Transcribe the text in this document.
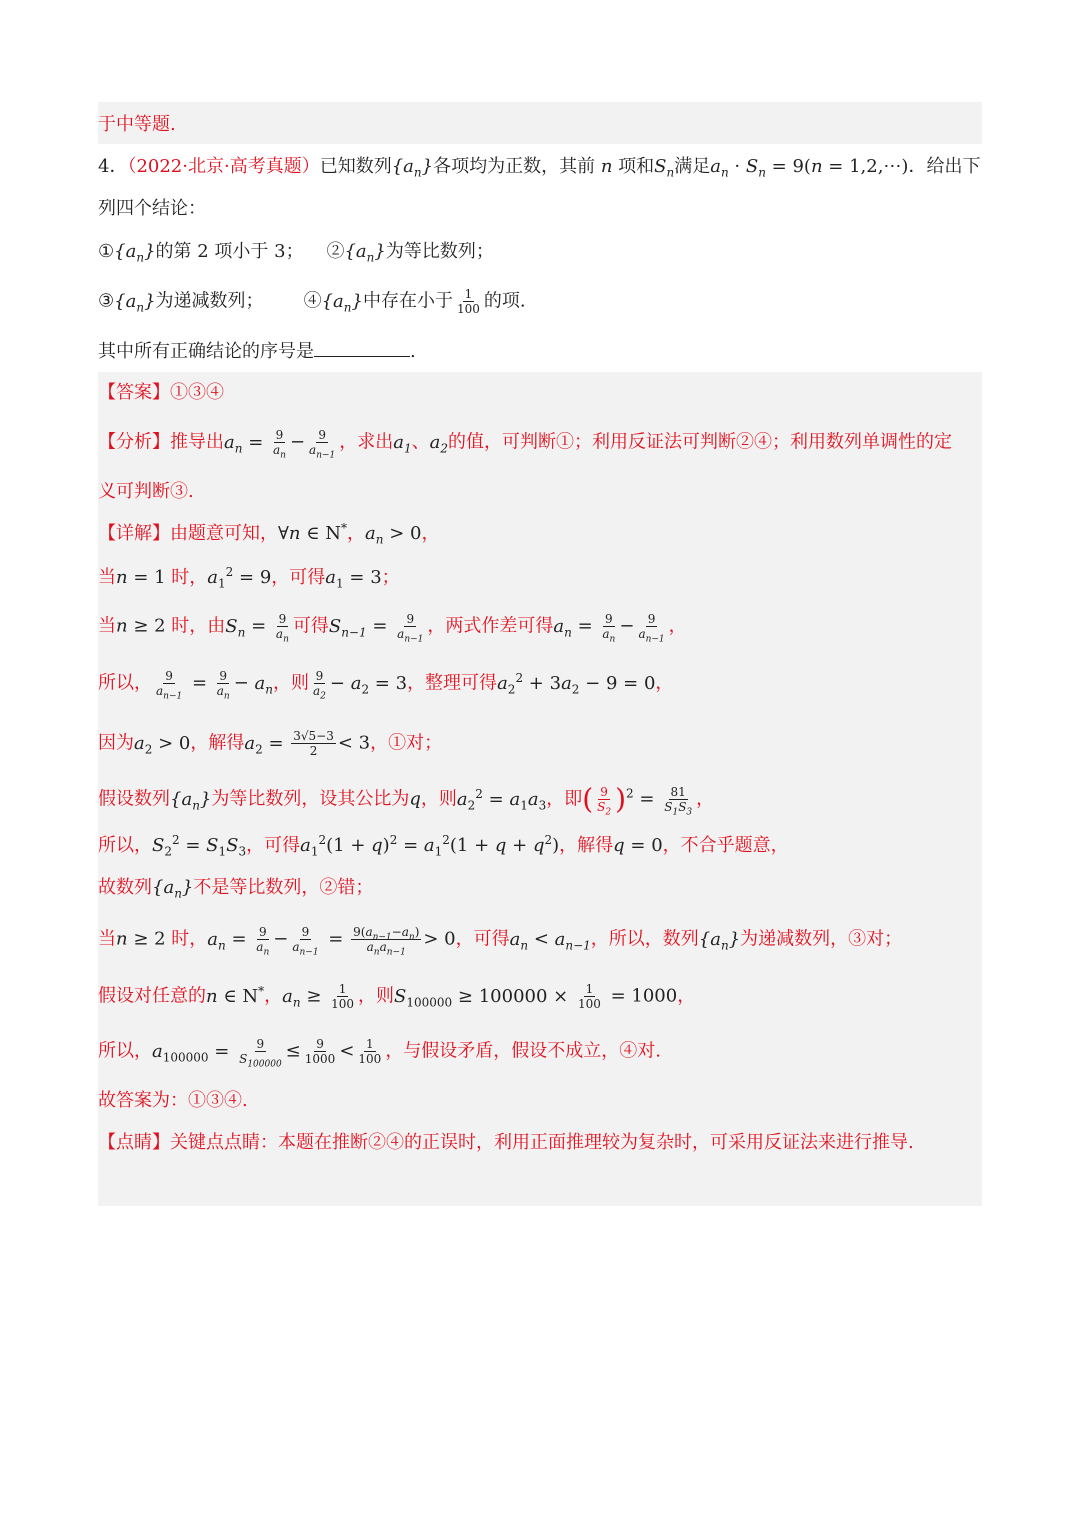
于中等题.
4．（2022·北京·高考真题）已知数列$\{a_n\}$各项均为正数，其前 n 项和$S_n$满足$a_n \cdot S_n = 9(n$ = 1,2,⋯)．给出下
列四个结论：
$①\{a_n\}$的第 2 项小于 3； $②\{a_n\}$为等比数列；
$③\{a_n\}$为递减数列； $④\{a_n\}$中存在小于 $\frac{1}{100}$ 的项.
其中所有正确结论的序号是	.
【答案】①③④
【分析】推导出$a_n = \frac{9}{a_n} - \frac{9}{a_{n-1}}$ ，求出$a_1$、$a_2$的值，可判断①；利用反证法可判断②④；利用数列单调性的定
义可判断③.
【详解】由题意可知，∀n ∈ N*，$a_n > 0$，
当n = 1 时，$a_1^2 = 9$，可得$a_1 = 3$；
当n ≥ 2 时，由$S_n = \frac{9}{a_n}$ 可得$S_{n-1} = \frac{9}{a_{n-1}}$ ，两式作差可得$a_n = \frac{9}{a_n} - \frac{9}{a_{n-1}}$ ，
所以， $\frac{9}{a_{n-1}} = \frac{9}{a_n} - a_n$，则 $\frac{9}{a_2} - a_2 = 3$，整理可得$a_2^2 + 3a_2 - 9 = 0$，
因为$a_2 > 0$，解得$a_2 = \frac{3√5-3}{2} < 3$，①对；
假设数列$\{a_n\}$为等比数列，设其公比为q，则$a_2^2 = a_1a_3$，即( $\frac{9}{S_2} )^2 = \frac{81}{S_1S_3}$ ，
所以，$S_2^2 = S_1S_3$，可得$a_1^2(1 + q)^2 = a_1^2(1 + q + q^2)$，解得q = 0，不合乎题意，
故数列$\{a_n\}$不是等比数列，②错；
当n ≥ 2 时，$a_n = \frac{9}{a_n} - \frac{9}{a_{n-1}} = \frac{9(a_{n-1}-a_n)}{a_na_{n-1}} > 0$，可得$a_n < a_{n-1}$，所以，数列$\{a_n\}$为递减数列，③对；
假设对任意的n ∈ N*，$a_n \ge \frac{1}{100}$ ，则$S_{100000} \ge 100000 \times \frac{1}{100} = 1000$，
所以，$a_{100000} = \frac{9}{S_{100000}} \le \frac{9}{1000} < \frac{1}{100}$ ，与假设矛盾，假设不成立，④对.
故答案为：①③④.
【点睛】关键点点睛：本题在推断②④的正误时，利用正面推理较为复杂时，可采用反证法来进行推导.
